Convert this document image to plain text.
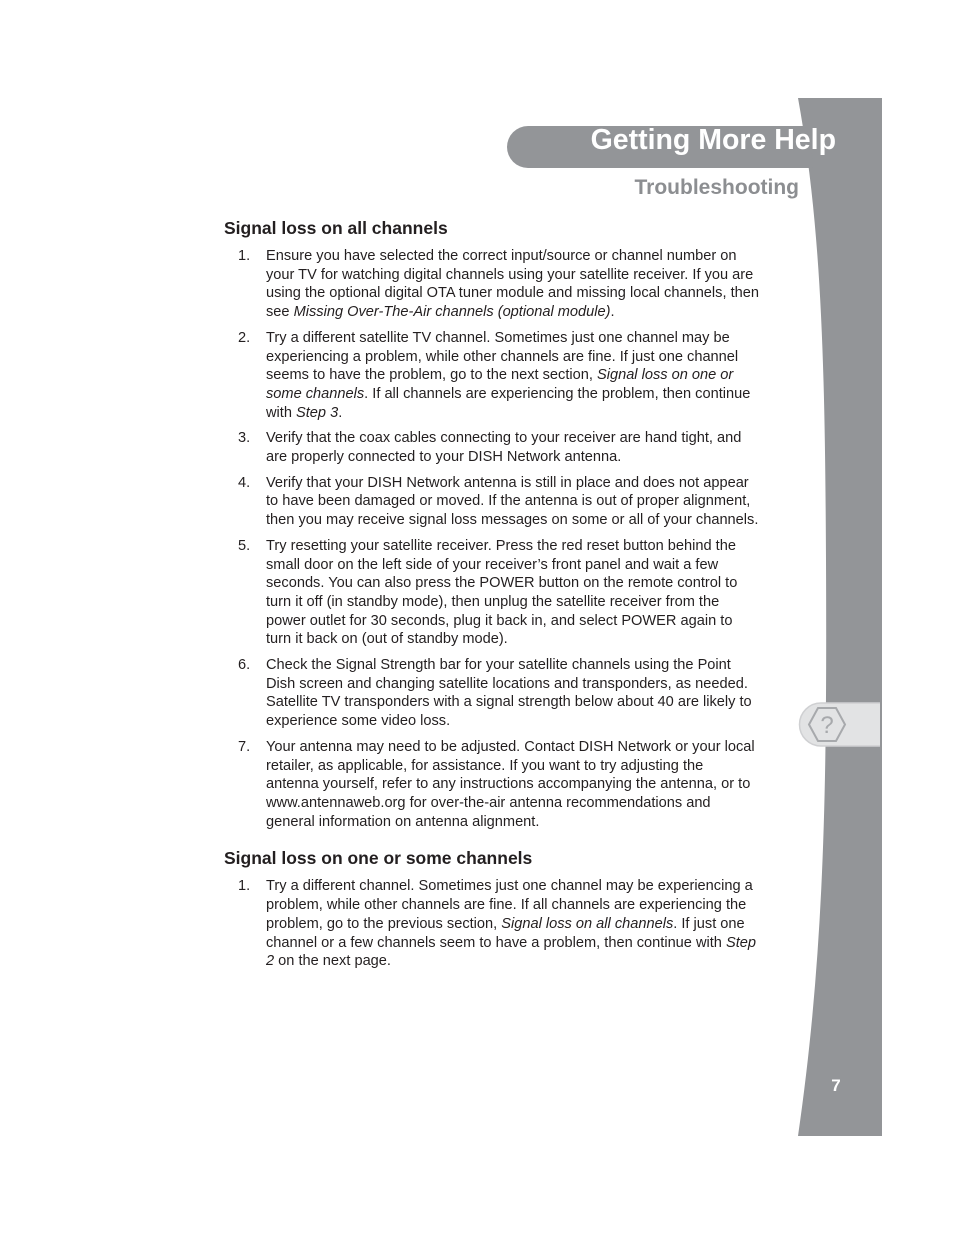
Getting More Help
Troubleshooting
?
7
Signal loss on all channels
1. Ensure you have selected the correct input/source or channel number on your TV for watching digital channels using your satellite receiver. If you are using the optional digital OTA tuner module and missing local channels, then see Missing Over-The-Air channels (optional module).
2. Try a different satellite TV channel. Sometimes just one channel may be experiencing a problem, while other channels are fine. If just one channel seems to have the problem, go to the next section, Signal loss on one or some channels. If all channels are experiencing the problem, then continue with Step 3.
3. Verify that the coax cables connecting to your receiver are hand tight, and are properly connected to your DISH Network antenna.
4. Verify that your DISH Network antenna is still in place and does not appear to have been damaged or moved. If the antenna is out of proper alignment, then you may receive signal loss messages on some or all of your channels.
5. Try resetting your satellite receiver. Press the red reset button behind the small door on the left side of your receiver’s front panel and wait a few seconds. You can also press the POWER button on the remote control to turn it off (in standby mode), then unplug the satellite receiver from the power outlet for 30 seconds, plug it back in, and select POWER again to turn it back on (out of standby mode).
6. Check the Signal Strength bar for your satellite channels using the Point Dish screen and changing satellite locations and transponders, as needed. Satellite TV transponders with a signal strength below about 40 are likely to experience some video loss.
7. Your antenna may need to be adjusted. Contact DISH Network or your local retailer, as applicable, for assistance. If you want to try adjusting the antenna yourself, refer to any instructions accompanying the antenna, or to www.antennaweb.org for over-the-air antenna recommendations and general information on antenna alignment.
Signal loss on one or some channels
1. Try a different channel. Sometimes just one channel may be experiencing a problem, while other channels are fine. If all channels are experiencing the problem, go to the previous section, Signal loss on all channels. If just one channel or a few channels seem to have a problem, then continue with Step 2 on the next page.
